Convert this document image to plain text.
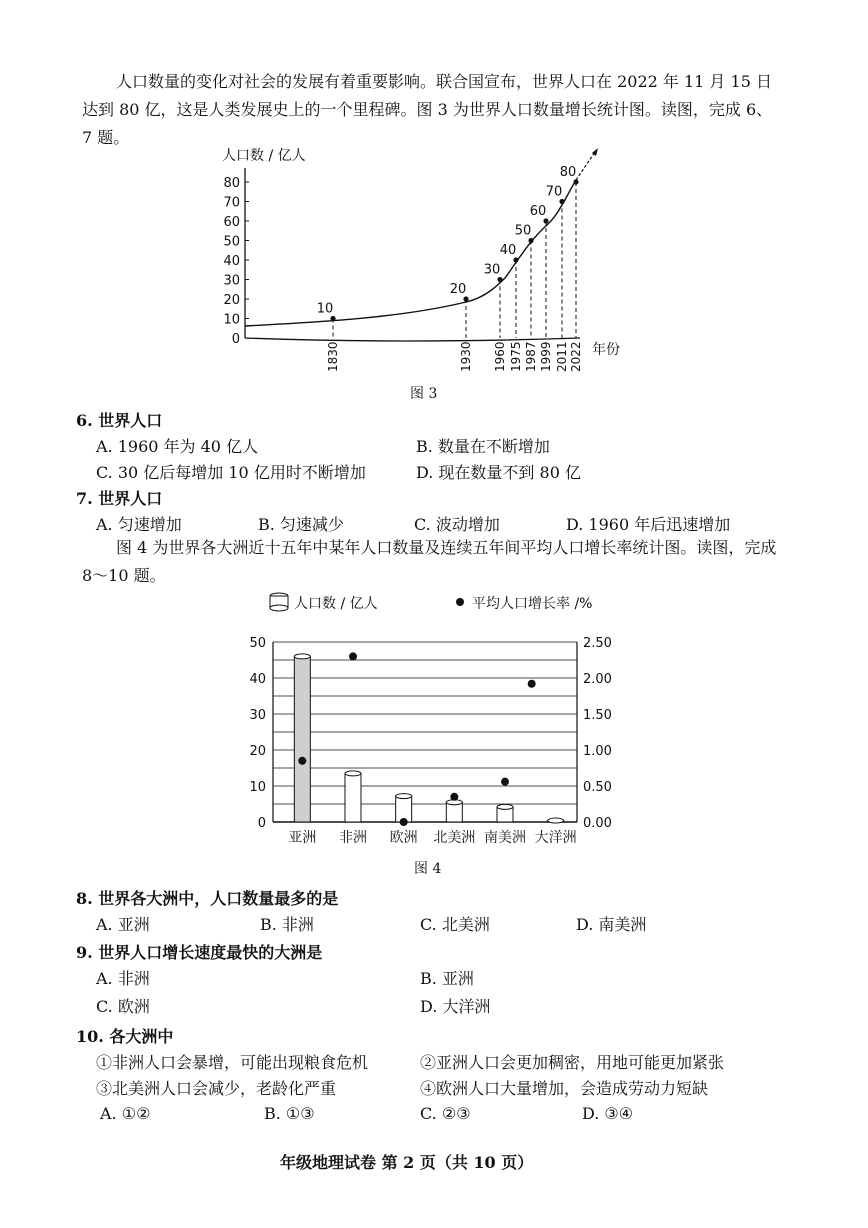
人口数量的变化对社会的发展有着重要影响。联合国宣布，世界人口在 2022 年 11 月 15 日达到 80 亿，这是人类发展史上的一个里程碑。图 3 为世界人口数量增长统计图。读图，完成 6、7 题。
人口数 / 亿人
年份
0
10
20
30
40
50
60
70
80
1830	1930 1960 1975 1987 1999 2011 2022
10
20
30
40
50
60
70
80
图 3
6. 世界人口
A. 1960 年为 40 亿人	B. 数量在不断增加
C. 30 亿后每增加 10 亿用时不断增加	D. 现在数量不到 80 亿
7. 世界人口
A. 匀速增加	B. 匀速减少	C. 波动增加	D. 1960 年后迅速增加
图 4 为世界各大洲近十五年中某年人口数量及连续五年间平均人口增长率统计图。读图，完成 8～10 题。
人口数 / 亿人	平均人口增长率 /%
0
10
20
30
40
50
0.00
0.50
1.00
1.50
2.00
2.50
亚洲 非洲 欧洲 北美洲 南美洲 大洋洲
图 4
8. 世界各大洲中，人口数量最多的是
A. 亚洲	B. 非洲	C. 北美洲	D. 南美洲
9. 世界人口增长速度最快的大洲是
A. 非洲	B. 亚洲
C. 欧洲	D. 大洋洲
10. 各大洲中
①非洲人口会暴增，可能出现粮食危机	②亚洲人口会更加稠密，用地可能更加紧张
③北美洲人口会减少，老龄化严重	④欧洲人口大量增加，会造成劳动力短缺
A. ①②	B. ①③	C. ②③	D. ③④
年级地理试卷 第 2 页（共 10 页）
